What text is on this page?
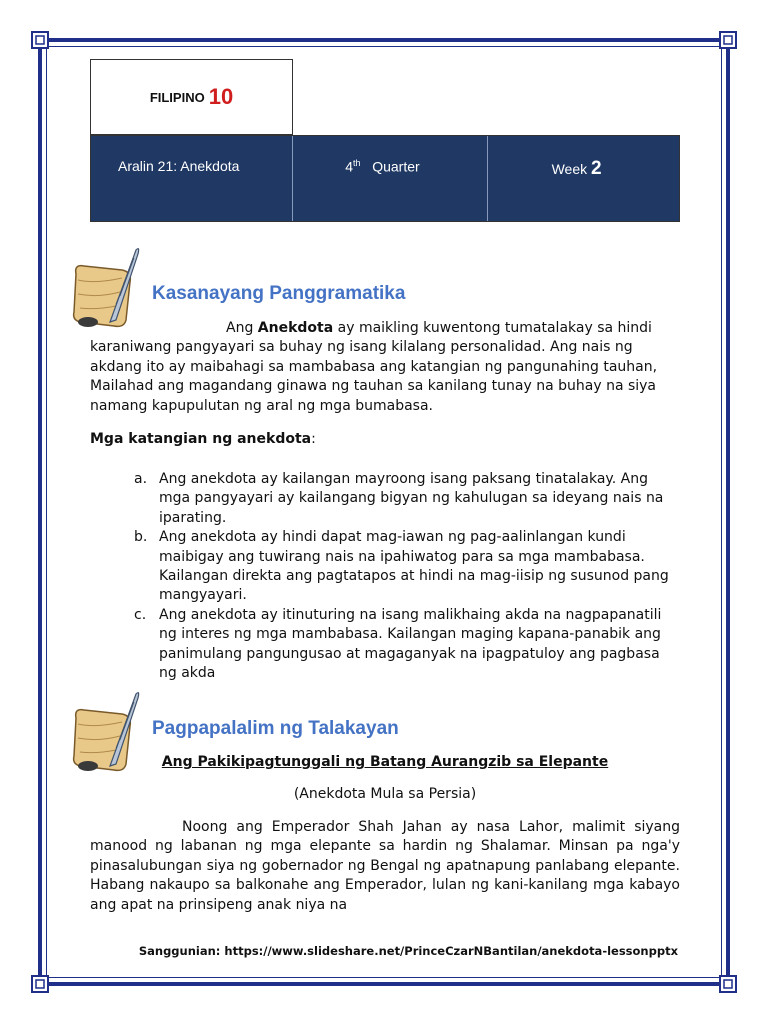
FILIPINO 10
Aralin 21: Anekdota	4th Quarter	Week 2
Kasanayang Panggramatika

Ang Anekdota ay maikling kuwentong tumatalakay sa hindi karaniwang pangyayari sa buhay ng isang kilalang personalidad. Ang nais ng akdang ito ay maibahagi sa mambabasa ang katangian ng pangunahing tauhan, Mailahad ang magandang ginawa ng tauhan sa kanilang tunay na buhay na siya namang kapupulutan ng aral ng mga bumabasa.

Mga katangian ng anekdota:
a. Ang anekdota ay kailangan mayroong isang paksang tinatalakay. Ang mga pangyayari ay kailangang bigyan ng kahulugan sa ideyang nais na iparating.
b. Ang anekdota ay hindi dapat mag-iawan ng pag-aalinlangan kundi maibigay ang tuwirang nais na ipahiwatog para sa mga mambabasa. Kailangan direkta ang pagtatapos at hindi na mag-iisip ng susunod pang mangyayari.
c. Ang anekdota ay itinuturing na isang malikhaing akda na nagpapanatili ng interes ng mga mambabasa. Kailangan maging kapana-panabik ang panimulang pangungusao at magaganyak na ipagpatuloy ang pagbasa ng akda
Pagpapalalim ng Talakayan
Ang Pakikipagtunggali ng Batang Aurangzib sa Elepante
(Anekdota Mula sa Persia)

Noong ang Emperador Shah Jahan ay nasa Lahor, malimit siyang manood ng labanan ng mga elepante sa hardin ng Shalamar. Minsan pa nga'y pinasalubungan siya ng gobernador ng Bengal ng apatnapung panlabang elepante. Habang nakaupo sa balkonahe ang Emperador, lulan ng kani-kanilang mga kabayo ang apat na prinsipeng anak niya na

Sanggunian: https://www.slideshare.net/PrinceCzarNBantilan/anekdota-lessonpptx
